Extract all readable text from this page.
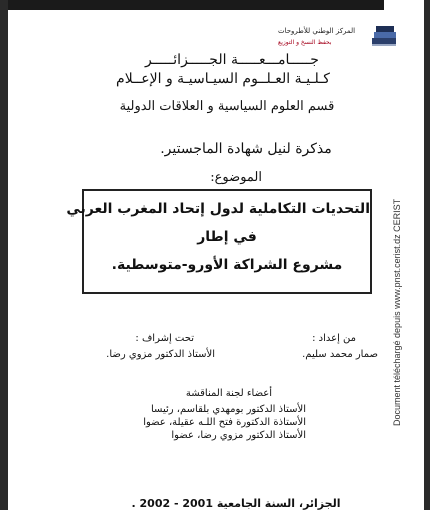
Document téléchargé depuis www.pnst.cerist.dz CERIST
المركز الوطني للأطروحات
بحفظ النسخ و التوزيع
جـــــامـــعـــــة الجـــــزائـــــر
كـلـيـة العـلــوم السيـاسيـة و الإعــلام
قسم العلوم السياسية و العلاقات الدولية
مذكرة لنيل شهادة الماجستير.
الموضوع:
التحديات التكاملية لدول إتحاد المغرب العربي
في إطار
مشروع الشراكة الأورو-متوسطية.
من إعداد :
صمار محمد سليم.
تحت إشراف :
الأستاذ الدكتور مزوي رضا.
أعضاء لجنة المناقشة
الأستاذ الدكتور بومهدي بلقاسم، رئيسا
الأستاذة الدكتورة فتح اللـه عقيلة، عضوا
الأستاذ الدكتور مزوي رضا، عضوا
الجزائر، السنة الجامعية 2001 - 2002 .
